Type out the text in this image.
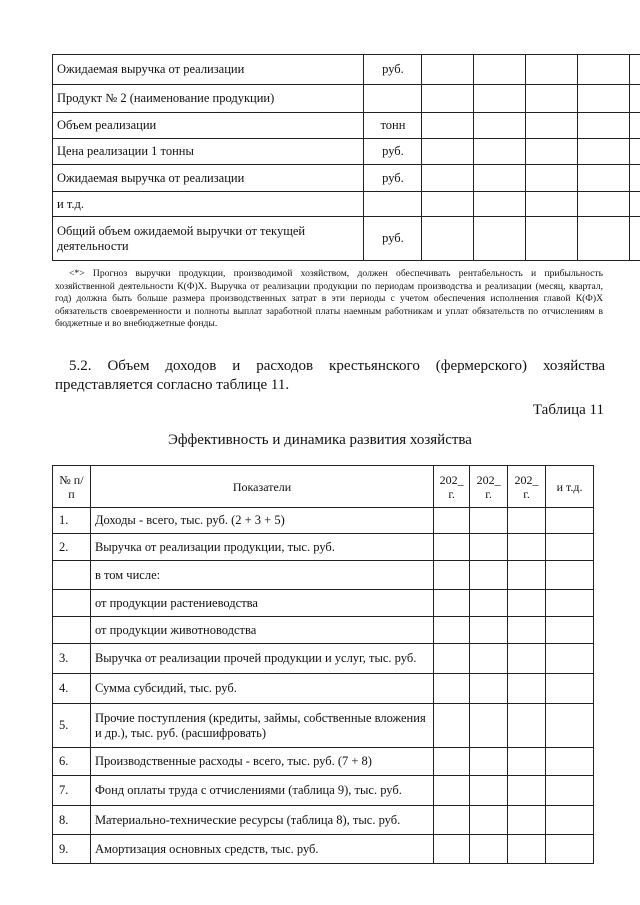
Ожидаемая выручка от реализации	руб.					
Продукт № 2 (наименование продукции)						
Объем реализации	тонн					
Цена реализации 1 тонны	руб.					
Ожидаемая выручка от реализации	руб.					
и т.д.						
Общий объем ожидаемой выручки от текущей деятельности	руб.					
<*> Прогноз выручки продукции, производимой хозяйством, должен обеспечивать рентабельность и прибыльность хозяйственной деятельности К(Ф)Х. Выручка от реализации продукции по периодам производства и реализации (месяц, квартал, год) должна быть больше размера производственных затрат в эти периоды с учетом обеспечения исполнения главой К(Ф)Х обязательств своевременности и полноты выплат заработной платы наемным работникам и уплат обязательств по отчислениям в бюджетные и во внебюджетные фонды.
5.2. Объем доходов и расходов крестьянского (фермерского) хозяйства представляется согласно таблице 11.
Таблица 11
Эффективность и динамика развития хозяйства
№ п/п	Показатели	202_ г.	202_ г.	202_ г.	и т.д.
1.	Доходы - всего, тыс. руб. (2 + 3 + 5)				
2.	Выручка от реализации продукции, тыс. руб.				
	в том числе:				
	от продукции растениеводства				
	от продукции животноводства				
3.	Выручка от реализации прочей продукции и услуг, тыс. руб.				
4.	Сумма субсидий, тыс. руб.				
5.	Прочие поступления (кредиты, займы, собственные вложения и др.), тыс. руб. (расшифровать)				
6.	Производственные расходы - всего, тыс. руб. (7 + 8)				
7.	Фонд оплаты труда с отчислениями (таблица 9), тыс. руб.				
8.	Материально-технические ресурсы (таблица 8), тыс. руб.				
9.	Амортизация основных средств, тыс. руб.				
